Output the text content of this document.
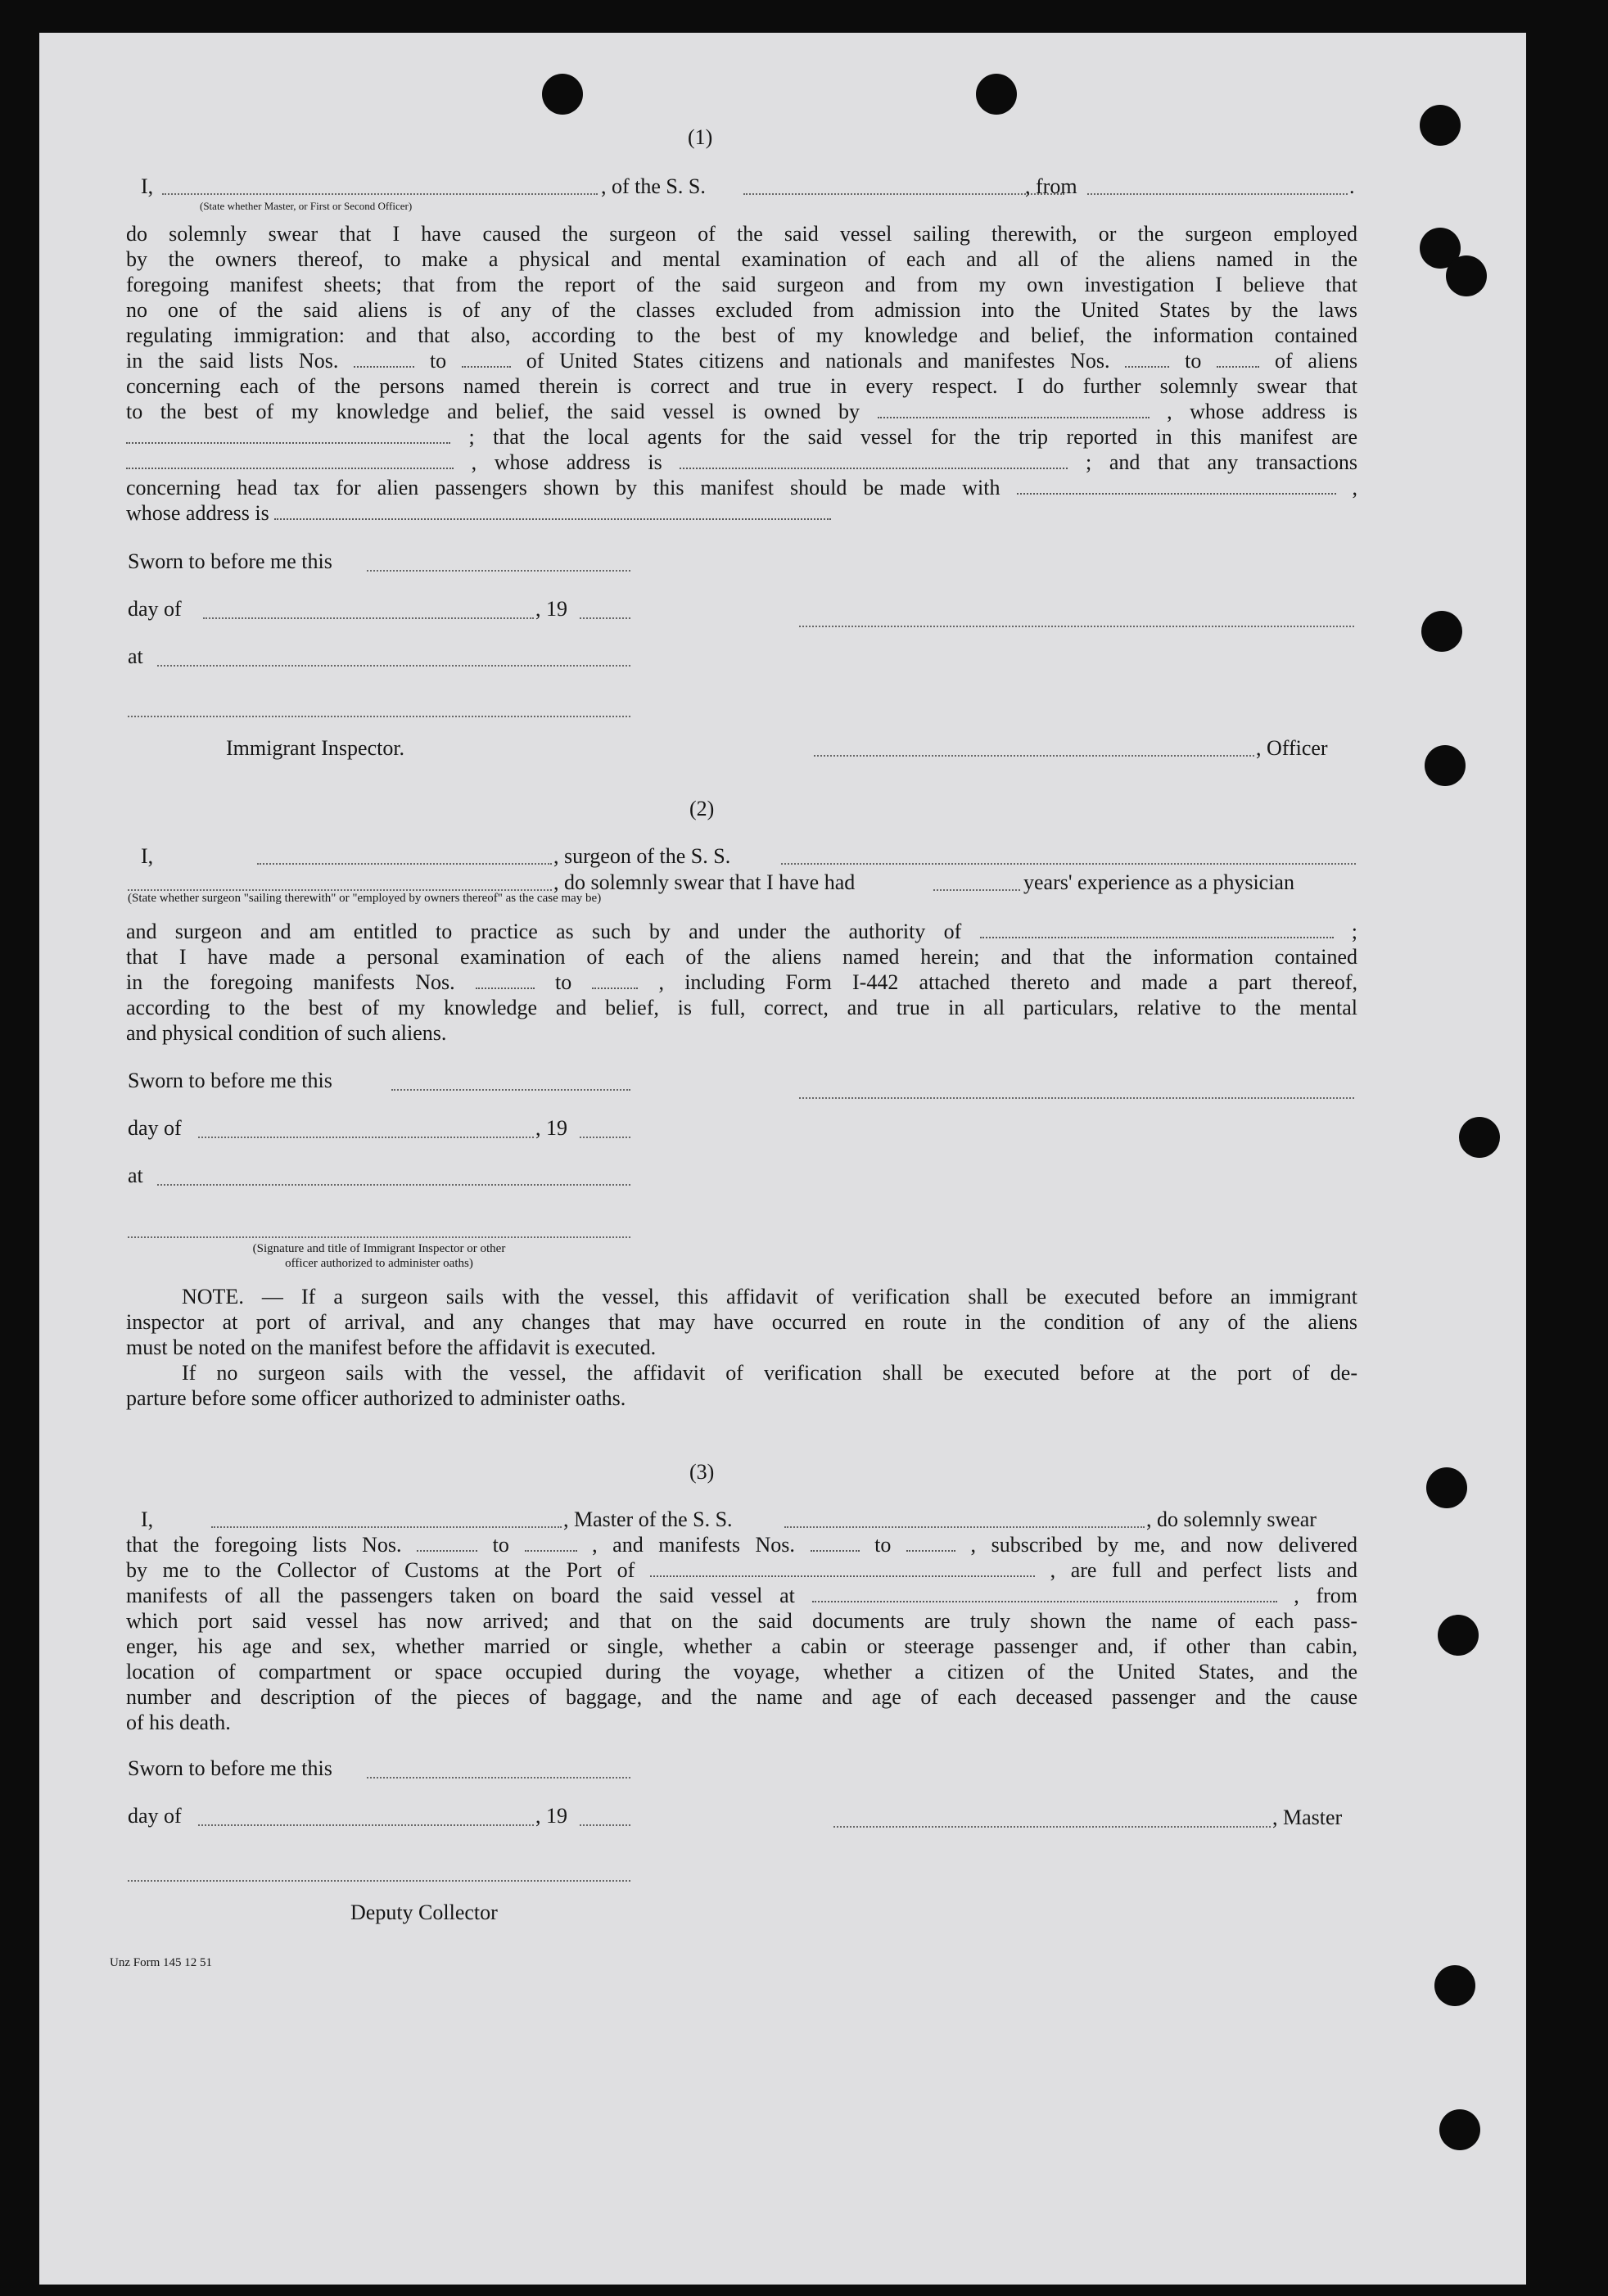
(1)
I,	, of the S. S.	, from	.
(State whether Master, or First or Second Officer)
do solemnly swear that I have caused the surgeon of the said vessel sailing therewith, or the surgeon employed
by the owners thereof, to make a physical and mental examination of each and all of the aliens named in the
foregoing manifest sheets; that from the report of the said surgeon and from my own investigation I believe that
no one of the said aliens is of any of the classes excluded from admission into the United States by the laws
regulating immigration: and that also, according to the best of my knowledge and belief, the information contained
in the said lists Nos.	to	of United States citizens and nationals and manifestes Nos.	to	of aliens
concerning each of the persons named therein is correct and true in every respect. I do further solemnly swear that
to the best of my knowledge and belief, the said vessel is owned by	, whose address is
; that the local agents for the said vessel for the trip reported in this manifest are
, whose address is	; and that any transactions
concerning head tax for alien passengers shown by this manifest should be made with	,
whose address is
Sworn to before me this
day of	, 19
at
Immigrant Inspector.	, Officer
(2)
I,	, surgeon of the S. S.
, do solemnly swear that I have had	years' experience as a physician
(State whether surgeon "sailing therewith" or "employed by owners thereof" as the case may be)
and surgeon and am entitled to practice as such by and under the authority of	;
that I have made a personal examination of each of the aliens named herein; and that the information contained
in the foregoing manifests Nos.	to	, including Form I-442 attached thereto and made a part thereof,
according to the best of my knowledge and belief, is full, correct, and true in all particulars, relative to the mental
and physical condition of such aliens.
Sworn to before me this
day of	, 19
at
(Signature and title of Immigrant Inspector or other
officer authorized to administer oaths)
NOTE. — If a surgeon sails with the vessel, this affidavit of verification shall be executed before an immigrant
inspector at port of arrival, and any changes that may have occurred en route in the condition of any of the aliens
must be noted on the manifest before the affidavit is executed.
If no surgeon sails with the vessel, the affidavit of verification shall be executed before at the port of de-
parture before some officer authorized to administer oaths.
(3)
I,	, Master of the S. S.	, do solemnly swear
that the foregoing lists Nos.	to	, and manifests Nos.	to	, subscribed by me, and now delivered
by me to the Collector of Customs at the Port of	, are full and perfect lists and
manifests of all the passengers taken on board the said vessel at	, from
which port said vessel has now arrived; and that on the said documents are truly shown the name of each pass-
enger, his age and sex, whether married or single, whether a cabin or steerage passenger and, if other than cabin,
location of compartment or space occupied during the voyage, whether a citizen of the United States, and the
number and description of the pieces of baggage, and the name and age of each deceased passenger and the cause
of his death.
Sworn to before me this
day of	, 19	, Master
Deputy Collector
Unz Form 145 12 51
